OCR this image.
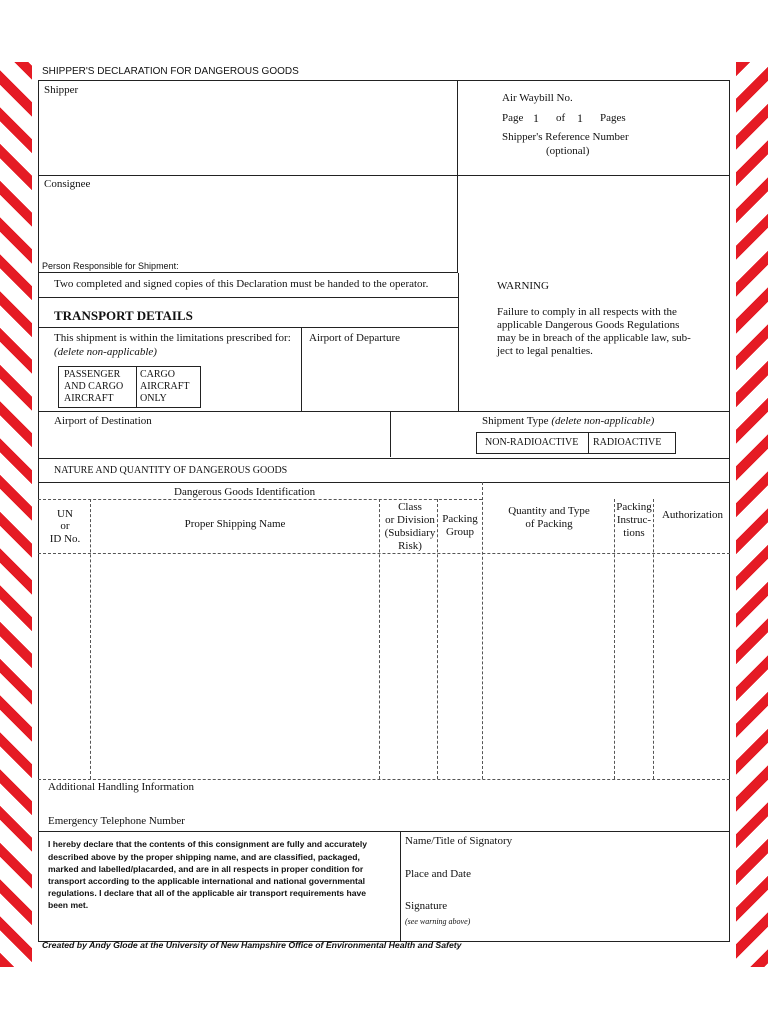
SHIPPER'S DECLARATION FOR DANGEROUS GOODS
Shipper
Air Waybill No.
Page 1 of 1 Pages
Shipper's Reference Number
(optional)
Consignee
Person Responsible for Shipment:
Two completed and signed copies of this Declaration must be handed to the operator.	WARNING
Failure to comply in all respects with the
applicable Dangerous Goods Regulations
may be in breach of the applicable law, sub-
ject to legal penalties.
TRANSPORT DETAILS
This shipment is within the limitations prescribed for:
(delete non-applicable)
Airport of Departure
PASSENGER
AND CARGO
AIRCRAFT
CARGO
AIRCRAFT
ONLY
Airport of Destination	Shipment Type (delete non-applicable)
NON-RADIOACTIVE RADIOACTIVE
NATURE AND QUANTITY OF DANGEROUS GOODS
Dangerous Goods Identification
UN
or
ID No.
Proper Shipping Name
Class
or Division
(Subsidiary
Risk)
Packing
Group
Quantity and Type
of Packing
Packing
Instruc-
tions
Authorization
Additional Handling Information
Emergency Telephone Number
I hereby declare that the contents of this consignment are fully and accurately
described above by the proper shipping name, and are classified, packaged,
marked and labelled/placarded, and are in all respects in proper condition for
transport according to the applicable international and national governmental
regulations. I declare that all of the applicable air transport requirements have
been met.
Name/Title of Signatory
Place and Date
Signature
(see warning above)
Created by Andy Glode at the University of New Hampshire Office of Environmental Health and Safety
